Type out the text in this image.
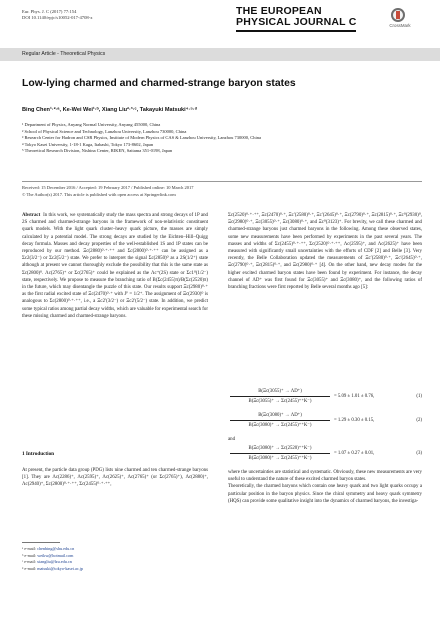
Eur. Phys. J. C (2017) 77:154
DOI 10.1140/epjc/s10052-017-4708-x
THE EUROPEAN
PHYSICAL JOURNAL C	CrossMark
Regular Article - Theoretical Physics
Low-lying charmed and charmed-strange baryon states
Bing Chen¹·²·ᵃ, Ke-Wei Wei¹·ᵇ, Xiang Liu²·³·ᶜ, Takayuki Matsuki⁴·⁵·ᵈ
¹ Department of Physics, Anyang Normal University, Anyang 455000, China
² School of Physical Science and Technology, Lanzhou University, Lanzhou 730000, China
³ Research Center for Hadron and CSR Physics, Institute of Modern Physics of CAS & Lanzhou University, Lanzhou 730000, China
⁴ Tokyo Kasei University, 1-18-1 Kaga, Itabashi, Tokyo 173-8602, Japan
⁵ Theoretical Research Division, Nishina Center, RIKEN, Saitama 351-0198, Japan
Received: 15 December 2016 / Accepted: 19 February 2017 / Published online: 10 March 2017
© The Author(s) 2017. This article is published with open access at Springerlink.com
Abstract In this work, we systematically study the mass spectra and strong decays of 1P and 2S charmed and charmed-strange baryons in the framework of non-relativistic constituent quark models. With the light quark cluster–heavy quark picture, the masses are simply calculated by a potential model. The strong decays are studied by the Eichten–Hill–Quigg decay formula. Masses and decay properties of the well-established 1S and 1P states can be reproduced by our method. Ξc(2880)⁰·⁺·⁺⁺ and Σc(2800)⁰·⁺·⁺⁺ can be assigned as a Σc2(3/2⁻) or Σc2(5/2⁻) state. We prefer to interpret the signal Σc(2850)⁰ as a 2S(1/2⁺) state although at present we cannot thoroughly exclude the possibility that this is the same state as Σc(2800)⁰. Λc(2765)⁺ or Σc(2765)⁺ could be explained as the Λc⁺(2S) state or Σc1⁰(1/2⁻) state, respectively. We propose to measure the branching ratio of B(Σc(2455)π)/B(Σc(2520)π) in the future, which may disentangle the puzzle of this state. Our results support Ξc(2980)⁰·⁺ as the first radial excited state of Ξc(2470)⁰·⁺ with Jᴾ = 1/2⁺. The assignment of Ξc(2930)⁰ is analogous to Σc(2800)⁰·⁺·⁺⁺, i.e., a Ξc2′(3/2⁻) or Ξc2′(5/2⁻) state. In addition, we predict some typical ratios among partial decay widths, which are valuable for experimental search for these missing charmed and charmed-strange baryons.
1 Introduction
At present, the particle data group (PDG) lists nine charmed and ten charmed-strange baryons [1]. They are Λc(2286)⁺, Λc(2595)⁺, Λc(2625)⁺, Λc(2765)⁺ (or Σc(2765)⁺), Λc(2880)⁺, Λc(2940)⁺, Σc(2800)⁰·⁺·⁺⁺, Σc(2455)⁰·⁺·⁺⁺,
ᵃ e-mail: chenbing@shu.edu.cn
ᵇ e-mail: weikw@hotmail.com
ᶜ e-mail: xiangliu@lzu.edu.cn
ᵈ e-mail: matsuki@tokyo-kasei.ac.jp
Σc(2520)⁰·⁺·⁺⁺, Ξc(2470)⁰·⁺, Ξc′(2580)⁰·⁺, Ξc′(2645)⁰·⁺, Ξc(2790)⁰·⁺, Ξc(2815)⁰·⁺, Ξc⁰(2930)⁰, Ξc(2980)⁰·⁺, Ξc(3055)⁰·⁺, Ξc(3080)⁰·⁺, and Ξc⁰(3123)⁺. For brevity, we call these charmed and charmed-strange baryons just charmed baryons in the following. Among these observed states, some new measurements have been performed by experiments in the past several years. The masses and widths of Σc(2455)⁰·⁺·⁺⁺, Σc(2520)⁰·⁺·⁺⁺, Λc(2595)⁺, and Λc(2625)⁺ have been measured with significantly small uncertainties with the efforts of CDF [2] and Belle [3]. Very recently, the Belle Collaboration updated the measurements of Ξc′(2580)⁰·⁺, Ξc′(2645)⁰·⁺, Ξc(2790)⁰·⁺, Ξc(2815)⁰·⁺, and Ξc(2980)⁰·⁺ [4]. On the other hand, new decay modes for the higher excited charmed baryon states have been found by experiment. For instance, the decay channel of ΛD⁺ was first found for Ξc(3055)⁺ and Ξc(3080)⁺, and the following ratios of branching fractions were first reported by Belle several months ago [5]:
B(Ξc(3055)⁺ → ΛD⁺)
B(Ξc(3055)⁺ → Σc(2455)⁺⁺K⁻)
= 5.09 ± 1.01 ± 0.76,	(1)
B(Ξc(3080)⁺ → ΛD⁺)
B(Ξc(3080)⁺ → Σc(2455)⁺⁺K⁻)
= 1.29 ± 0.30 ± 0.15,	(2)
and
B(Ξc(3080)⁺ → Σc(2520)⁺⁺K⁻)
B(Ξc(3080)⁺ → Σc(2455)⁺⁺K⁻)
= 1.07 ± 0.27 ± 0.01,	(3)
where the uncertainties are statistical and systematic. Obviously, these new measurements are very useful to understand the nature of these excited charmed baryon states.
Theoretically, the charmed baryons which contain one heavy quark and two light quarks occupy a particular position in the baryon physics. Since the chiral symmetry and heavy quark symmetry (HQS) can provide some qualitative insight into the dynamics of charmed baryons, the investiga-
